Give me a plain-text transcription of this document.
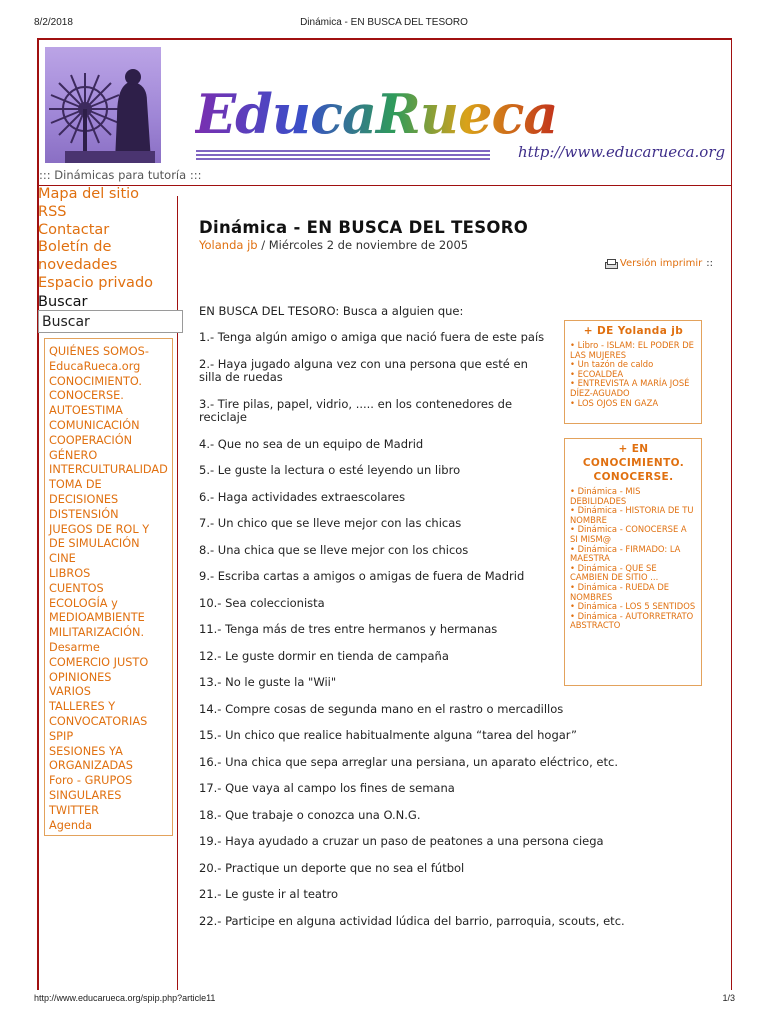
8/2/2018	Dinámica - EN BUSCA DEL TESORO
EducaRueca
http://www.educarueca.org
::: Dinámicas para tutoría :::
Mapa del sitio
RSS
Contactar
Boletín de
novedades
Espacio privado
Buscar
Buscar
QUIÉNES SOMOS-
EducaRueca.org
CONOCIMIENTO.
CONOCERSE.
AUTOESTIMA
COMUNICACIÓN
COOPERACIÓN
GÉNERO
INTERCULTURALIDAD
TOMA DE
DECISIONES
DISTENSIÓN
JUEGOS DE ROL Y
DE SIMULACIÓN
CINE
LIBROS
CUENTOS
ECOLOGÍA y
MEDIOAMBIENTE
MILITARIZACIÓN.
Desarme
COMERCIO JUSTO
OPINIONES
VARIOS
TALLERES Y
CONVOCATORIAS
SPIP
SESIONES YA
ORGANIZADAS
Foro - GRUPOS
SINGULARES
TWITTER
Agenda
Dinámica - EN BUSCA DEL TESORO
Yolanda jb / Miércoles 2 de noviembre de 2005
Versión imprimir ::

EN BUSCA DEL TESORO: Busca a alguien que:

1.- Tenga algún amigo o amiga que nació fuera de este país

2.- Haya jugado alguna vez con una persona que esté en silla de ruedas

3.- Tire pilas, papel, vidrio, ..... en los contenedores de reciclaje

4.- Que no sea de un equipo de Madrid

5.- Le guste la lectura o esté leyendo un libro

6.- Haga actividades extraescolares

7.- Un chico que se lleve mejor con las chicas

8.- Una chica que se lleve mejor con los chicos

9.- Escriba cartas a amigos o amigas de fuera de Madrid

10.- Sea coleccionista

11.- Tenga más de tres entre hermanos y hermanas

12.- Le guste dormir en tienda de campaña

13.- No le guste la "Wii"

14.- Compre cosas de segunda mano en el rastro o mercadillos

15.- Un chico que realice habitualmente alguna “tarea del hogar”

16.- Una chica que sepa arreglar una persiana, un aparato eléctrico, etc.

17.- Que vaya al campo los fines de semana

18.- Que trabaje o conozca una O.N.G.

19.- Haya ayudado a cruzar un paso de peatones a una persona ciega

20.- Practique un deporte que no sea el fútbol

21.- Le guste ir al teatro

22.- Participe en alguna actividad lúdica del barrio, parroquia, scouts, etc.

+ DE Yolanda jb
• Libro - ISLAM: EL PODER DE LAS MUJERES
• Un tazón de caldo
• ECOALDEA
• ENTREVISTA A MARÍA JOSÉ DÍEZ-AGUADO
• LOS OJOS EN GAZA
+ EN CONOCIMIENTO. CONOCERSE.
• Dinámica - MIS DEBILIDADES
• Dinámica - HISTORIA DE TU NOMBRE
• Dinámica - CONOCERSE A SI MISM@
• Dinámica - FIRMADO: LA MAESTRA
• Dinámica - QUE SE CAMBIEN DE SITIO ...
• Dinámica - RUEDA DE NOMBRES
• Dinámica - LOS 5 SENTIDOS
• Dinámica - AUTORRETRATO ABSTRACTO
http://www.educarueca.org/spip.php?article11	1/3
